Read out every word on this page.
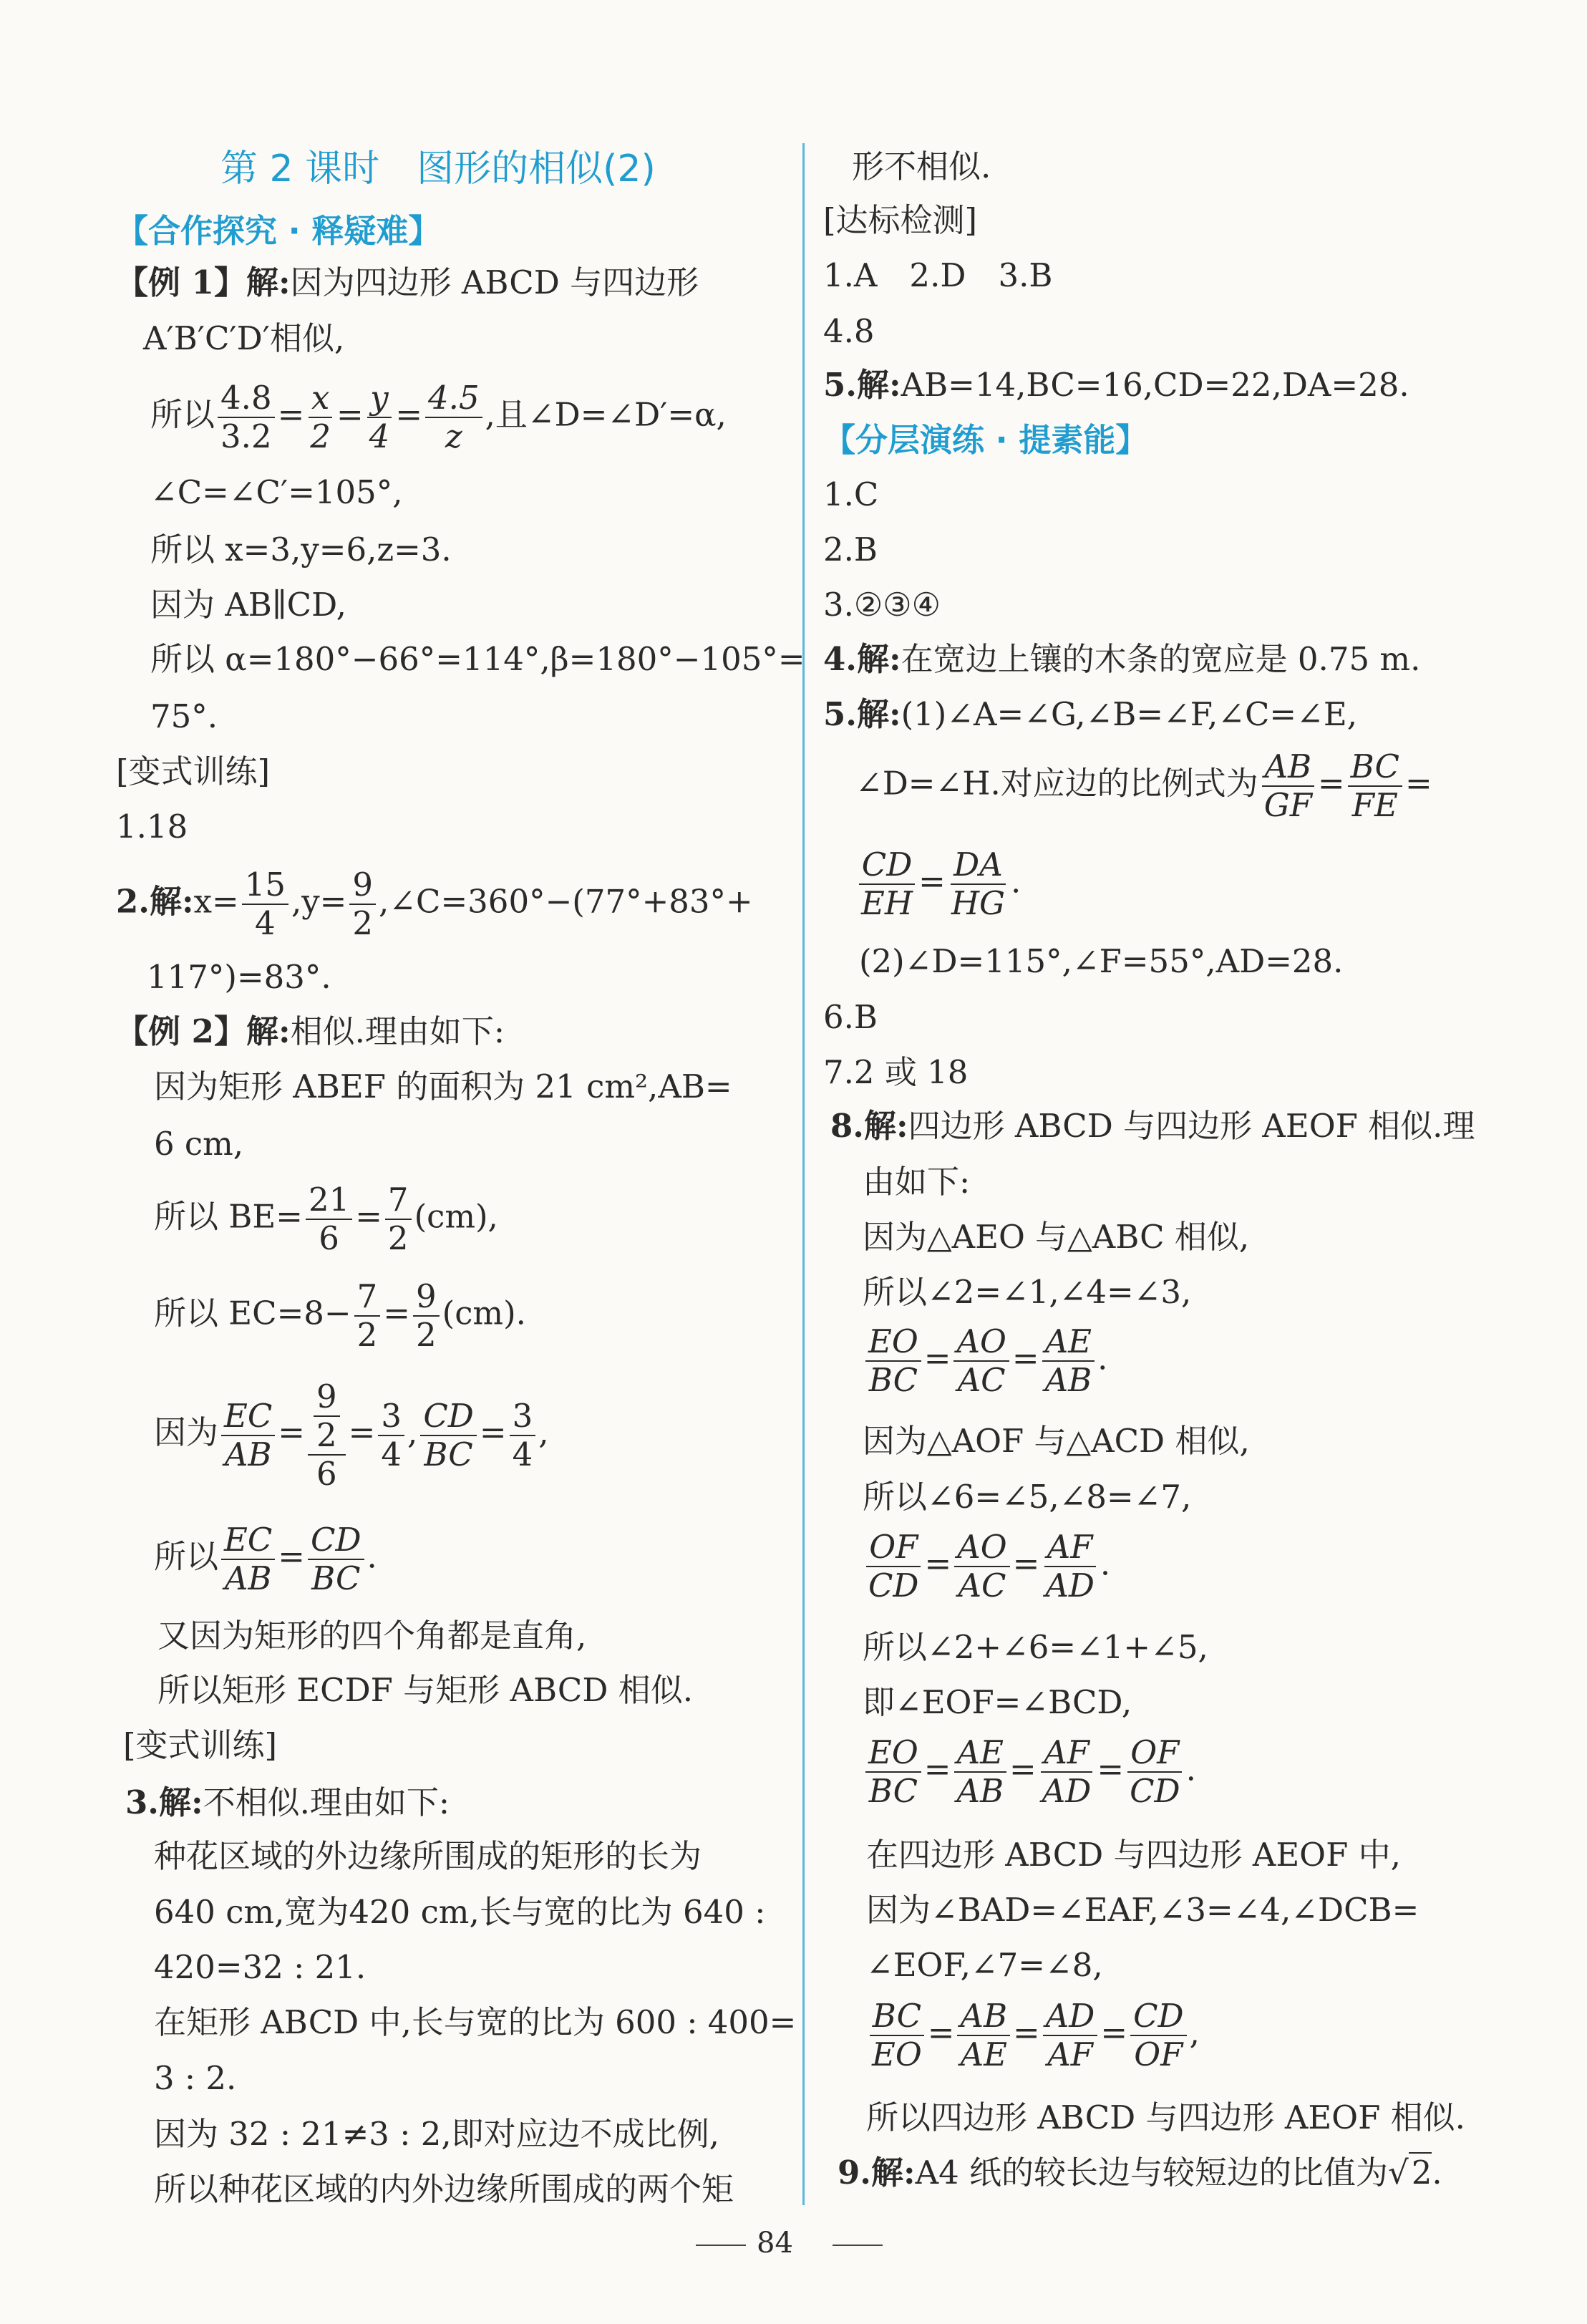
第 2 课时　图形的相似(2)
【合作探究 · 释疑难】
【例 1】解:因为四边形 ABCD 与四边形
A′B′C′D′相似,
所以 $\frac{4.8}{3.2} = \frac{x}{2} = \frac{y}{4} = \frac{4.5}{z}$ ,且∠D=∠D′=α,
∠C=∠C′=105°,
所以 x=3,y=6,z=3.
因为 AB∥CD,
所以 α=180°−66°=114°,β=180°−105°=
75°.
[变式训练]
1.18
2.解:x= $\frac{15}{4} ,y= \frac{9}{2}$ ,∠C=360°−(77°+83°+
117°)=83°.
【例 2】解:相似.理由如下:
因为矩形 ABEF 的面积为 21 cm²,AB=
6 cm,
所以 $BE= \frac{21}{6} = \frac{7}{2} (cm)$,
所以 $EC=8- \frac{7}{2} = \frac{9}{2} (cm)$.
因为 $\frac{EC}{AB} = \frac{\frac{9}{2}}{6} = \frac{3}{4}$ , $\frac{CD}{BC} = \frac{3}{4}$ ,
所以 $\frac{EC}{AB} = \frac{CD}{BC}$ .
又因为矩形的四个角都是直角,
所以矩形 ECDF 与矩形 ABCD 相似.
[变式训练]
3.解:不相似.理由如下:
种花区域的外边缘所围成的矩形的长为
640 cm,宽为420 cm,长与宽的比为 640 :
420=32 : 21.
在矩形 ABCD 中,长与宽的比为 600 : 400=
3 : 2.
因为 32 : 21≠3 : 2,即对应边不成比例,
所以种花区域的内外边缘所围成的两个矩
形不相似.
[达标检测]
1.A　2.D　3.B
4.8
5.解:AB=14,BC=16,CD=22,DA=28.
【分层演练 · 提素能】
1.C
2.B
3.②③④
4.解:在宽边上镶的木条的宽应是 0.75 m.
5.解:(1)∠A=∠G,∠B=∠F,∠C=∠E,
∠D=∠H.对应边的比例式为 $\frac{AB}{GF} = \frac{BC}{FE}$ =
$\frac{CD}{EH} = \frac{DA}{HG}$ .
(2)∠D=115°,∠F=55°,AD=28.
6.B
7.2 或 18
8.解:四边形 ABCD 与四边形 AEOF 相似.理
由如下:
因为△AEO 与△ABC 相似,
所以∠2=∠1,∠4=∠3,
$\frac{EO}{BC} = \frac{AO}{AC} = \frac{AE}{AB}$ .
因为△AOF 与△ACD 相似,
所以∠6=∠5,∠8=∠7,
$\frac{OF}{CD} = \frac{AO}{AC} = \frac{AF}{AD}$ .
所以∠2+∠6=∠1+∠5,
即∠EOF=∠BCD,
$\frac{EO}{BC} = \frac{AE}{AB} = \frac{AF}{AD} = \frac{OF}{CD}$ .
在四边形 ABCD 与四边形 AEOF 中,
因为∠BAD=∠EAF,∠3=∠4,∠DCB=
∠EOF,∠7=∠8,
$\frac{BC}{EO} = \frac{AB}{AE} = \frac{AD}{AF} = \frac{CD}{OF}$ ,
所以四边形 ABCD 与四边形 AEOF 相似.
9.解:A4 纸的较长边与较短边的比值为√2.
84
